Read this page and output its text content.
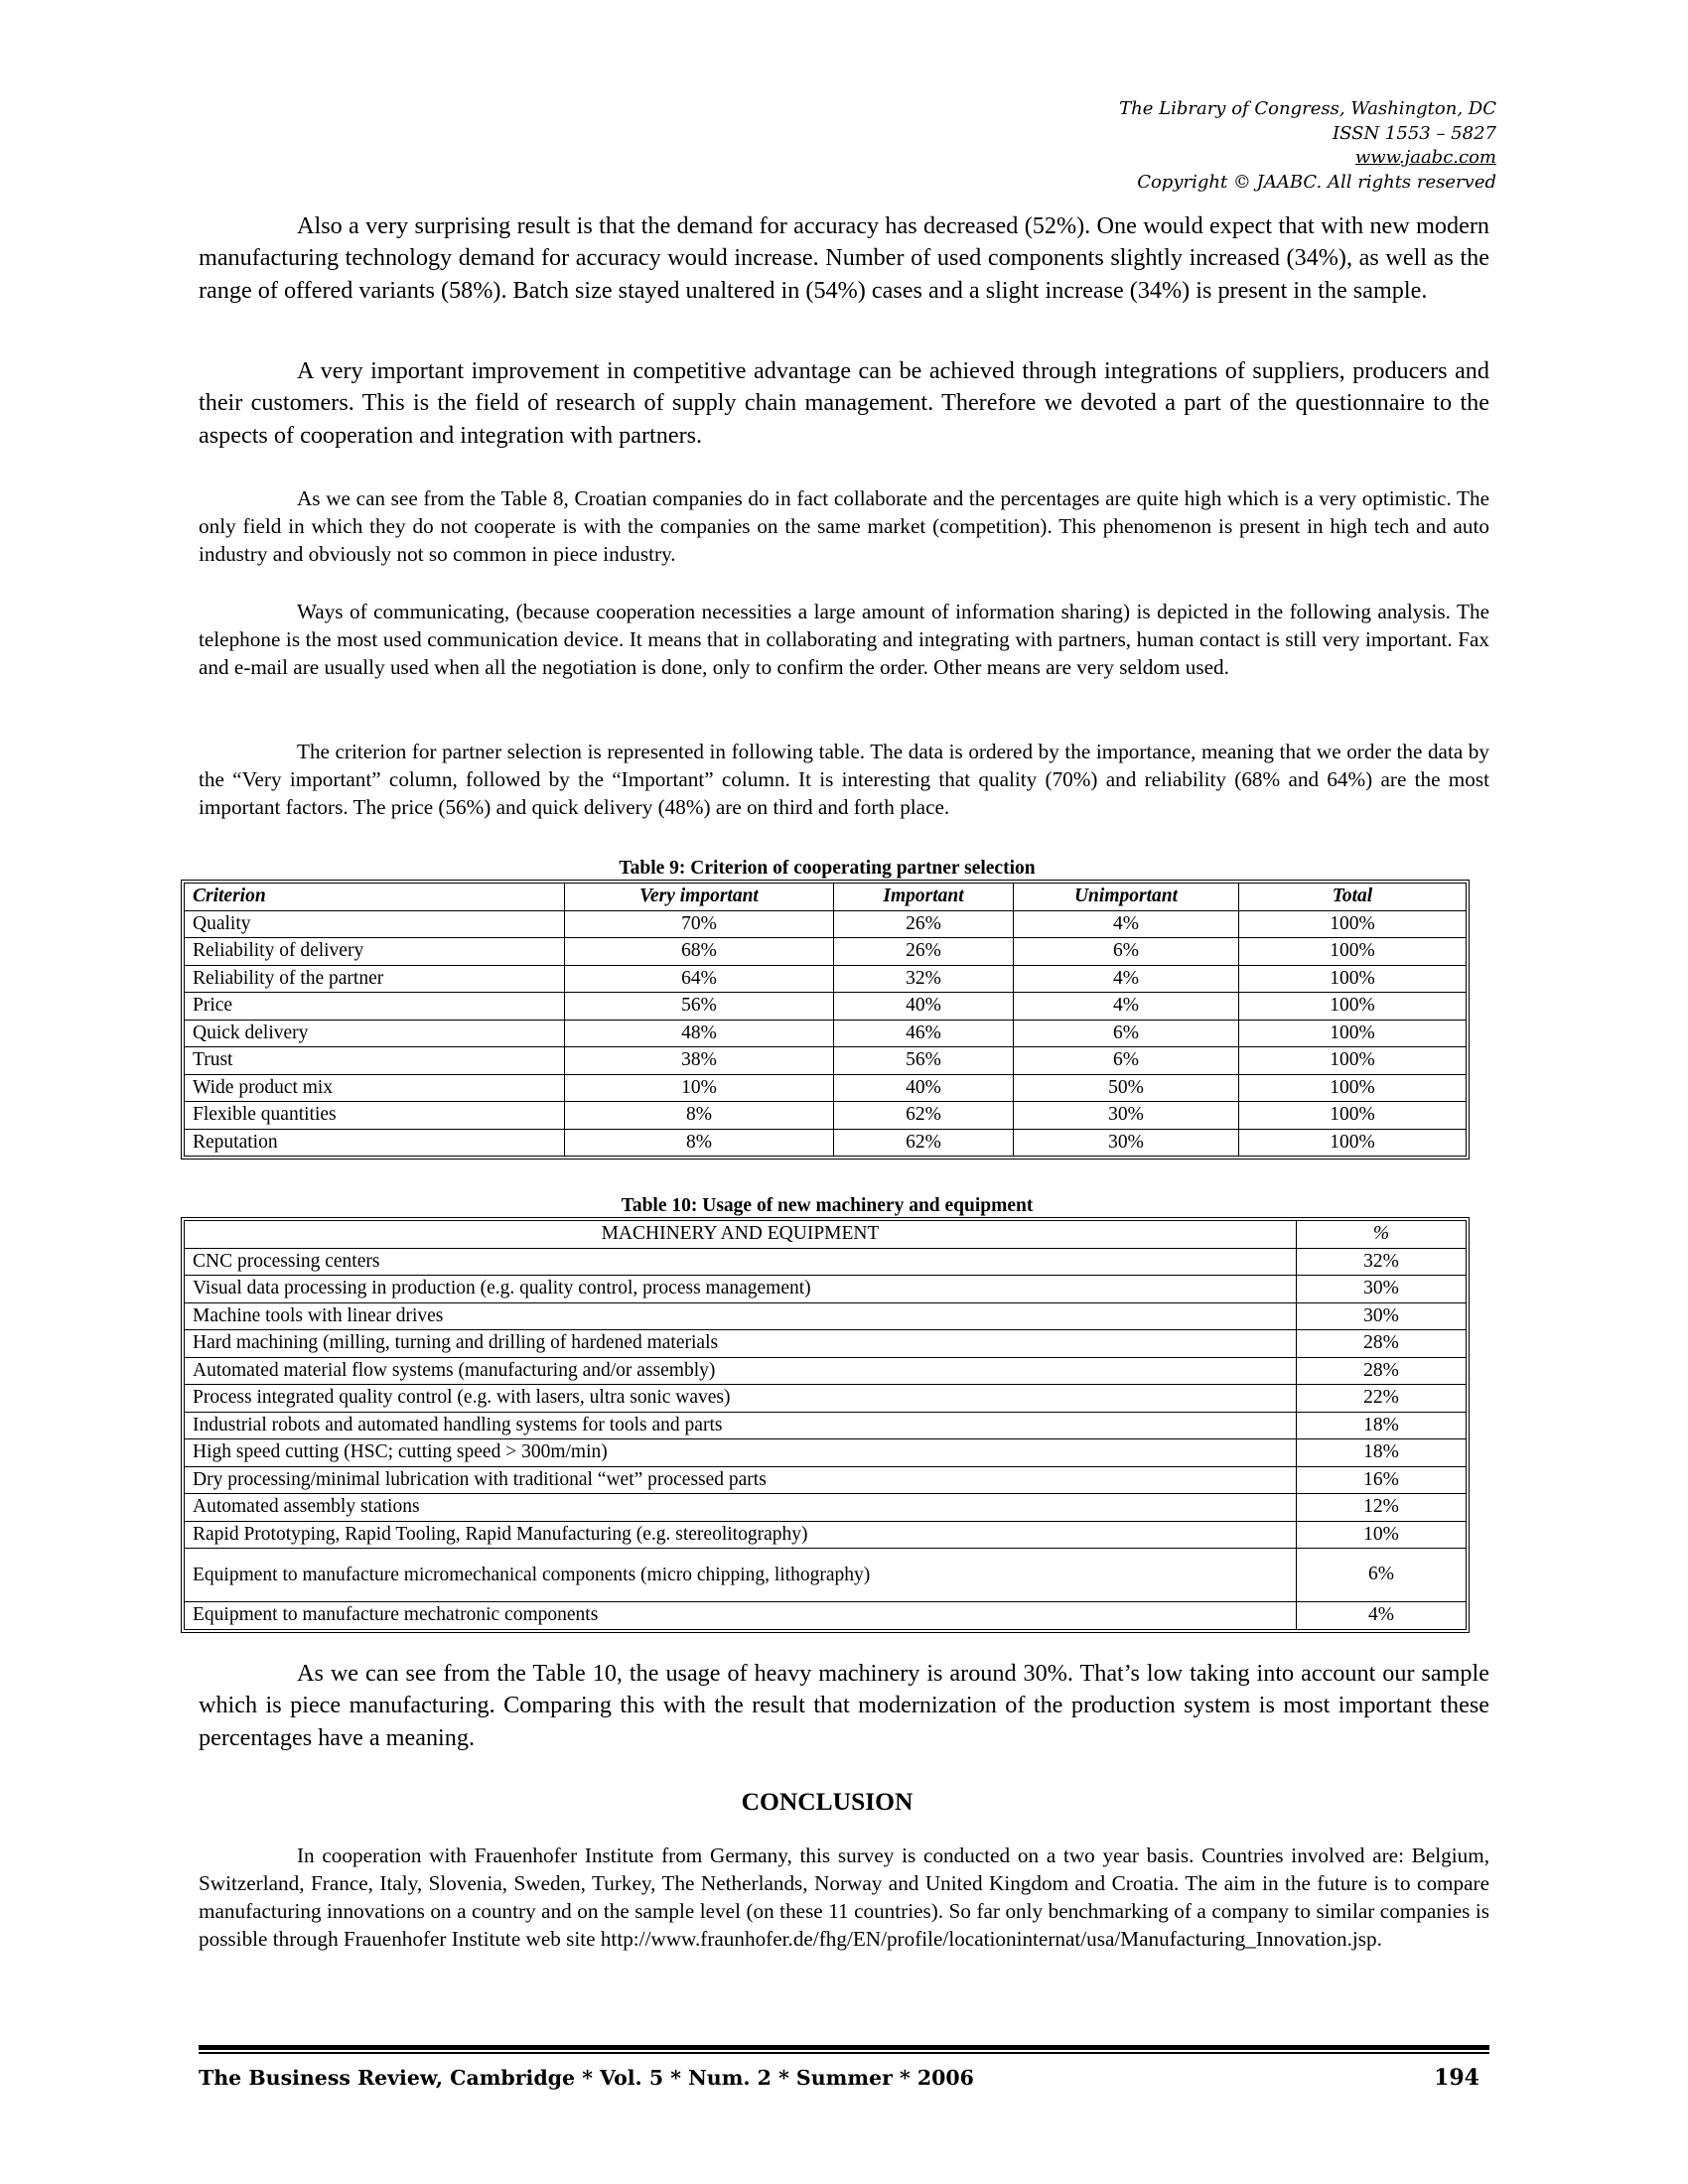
The Library of Congress, Washington, DC
ISSN 1553 – 5827
www.jaabc.com
Copyright © JAABC. All rights reserved

Also a very surprising result is that the demand for accuracy has decreased (52%). One would expect that with new modern manufacturing technology demand for accuracy would increase. Number of used components slightly increased (34%), as well as the range of offered variants (58%). Batch size stayed unaltered in (54%) cases and a slight increase (34%) is present in the sample.

A very important improvement in competitive advantage can be achieved through integrations of suppliers, producers and their customers. This is the field of research of supply chain management. Therefore we devoted a part of the questionnaire to the aspects of cooperation and integration with partners.

As we can see from the Table 8, Croatian companies do in fact collaborate and the percentages are quite high which is a very optimistic. The only field in which they do not cooperate is with the companies on the same market (competition). This phenomenon is present in high tech and auto industry and obviously not so common in piece industry.

Ways of communicating, (because cooperation necessities a large amount of information sharing) is depicted in the following analysis. The telephone is the most used communication device. It means that in collaborating and integrating with partners, human contact is still very important. Fax and e-mail are usually used when all the negotiation is done, only to confirm the order. Other means are very seldom used.

The criterion for partner selection is represented in following table. The data is ordered by the importance, meaning that we order the data by the “Very important” column, followed by the “Important” column. It is interesting that quality (70%) and reliability (68% and 64%) are the most important factors. The price (56%) and quick delivery (48%) are on third and forth place.

Table 9: Criterion of cooperating partner selection
Criterion	Very important	Important	Unimportant	Total
Quality	70%	26%	4%	100%
Reliability of delivery	68%	26%	6%	100%
Reliability of the partner	64%	32%	4%	100%
Price	56%	40%	4%	100%
Quick delivery	48%	46%	6%	100%
Trust	38%	56%	6%	100%
Wide product mix	10%	40%	50%	100%
Flexible quantities	8%	62%	30%	100%
Reputation	8%	62%	30%	100%
Table 10: Usage of new machinery and equipment
MACHINERY AND EQUIPMENT	%
CNC processing centers	32%
Visual data processing in production (e.g. quality control, process management)	30%
Machine tools with linear drives	30%
Hard machining (milling, turning and drilling of hardened materials	28%
Automated material flow systems (manufacturing and/or assembly)	28%
Process integrated quality control (e.g. with lasers, ultra sonic waves)	22%
Industrial robots and automated handling systems for tools and parts	18%
High speed cutting (HSC; cutting speed > 300m/min)	18%
Dry processing/minimal lubrication with traditional “wet” processed parts	16%
Automated assembly stations	12%
Rapid Prototyping, Rapid Tooling, Rapid Manufacturing (e.g. stereolitography)	10%
Equipment to manufacture micromechanical components (micro chipping, lithography)	6%
Equipment to manufacture mechatronic components	4%

As we can see from the Table 10, the usage of heavy machinery is around 30%. That’s low taking into account our sample which is piece manufacturing. Comparing this with the result that modernization of the production system is most important these percentages have a meaning.

CONCLUSION

In cooperation with Frauenhofer Institute from Germany, this survey is conducted on a two year basis. Countries involved are: Belgium, Switzerland, France, Italy, Slovenia, Sweden, Turkey, The Netherlands, Norway and United Kingdom and Croatia. The aim in the future is to compare manufacturing innovations on a country and on the sample level (on these 11 countries). So far only benchmarking of a company to similar companies is possible through Frauenhofer Institute web site http://www.fraunhofer.de/fhg/EN/profile/locationinternat/usa/Manufacturing_Innovation.jsp.

The Business Review, Cambridge * Vol. 5 * Num. 2 * Summer * 2006	194
